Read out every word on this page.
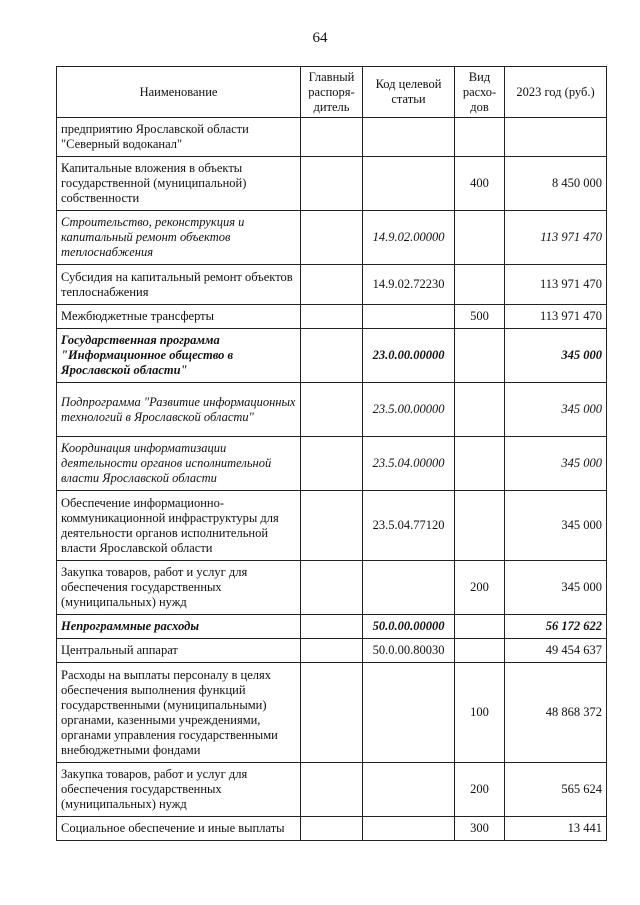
64
Наименование	Главный распоря-дитель	Код целевой статьи	Вид расхо-дов	2023 год (руб.)
предприятию Ярославской области "Северный водоканал"				
Капитальные вложения в объекты государственной (муниципальной) собственности			400	8 450 000
Строительство, реконструкция и капитальный ремонт объектов теплоснабжения		14.9.02.00000		113 971 470
Субсидия на капитальный ремонт объектов теплоснабжения		14.9.02.72230		113 971 470
Межбюджетные трансферты			500	113 971 470
Государственная программа "Информационное общество в Ярославской области"		23.0.00.00000		345 000
Подпрограмма "Развитие информационных технологий в Ярославской области"		23.5.00.00000		345 000
Координация информатизации деятельности органов исполнительной власти Ярославской области		23.5.04.00000		345 000
Обеспечение информационно-коммуникационной инфраструктуры для деятельности органов исполнительной власти Ярославской области		23.5.04.77120		345 000
Закупка товаров, работ и услуг для обеспечения государственных (муниципальных) нужд			200	345 000
Непрограммные расходы		50.0.00.00000		56 172 622
Центральный аппарат		50.0.00.80030		49 454 637
Расходы на выплаты персоналу в целях обеспечения выполнения функций государственными (муниципальными) органами, казенными учреждениями, органами управления государственными внебюджетными фондами			100	48 868 372
Закупка товаров, работ и услуг для обеспечения государственных (муниципальных) нужд			200	565 624
Социальное обеспечение и иные выплаты			300	13 441
